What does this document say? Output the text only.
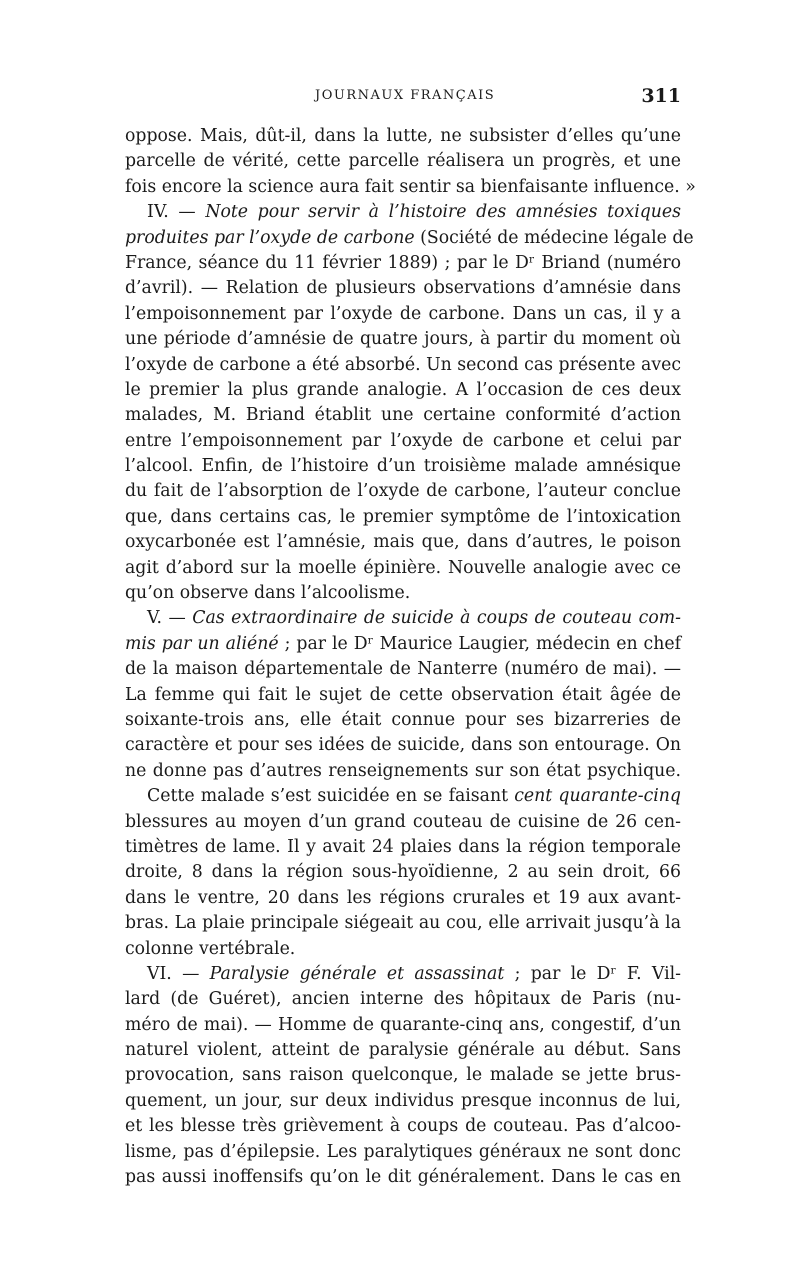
JOURNAUX FRANÇAIS	311
oppose. Mais, dût-il, dans la lutte, ne subsister d’elles qu’une
parcelle de vérité, cette parcelle réalisera un progrès, et une
fois encore la science aura fait sentir sa bienfaisante influence. »
IV. — Note pour servir à l’histoire des amnésies toxiques
produites par l’oxyde de carbone (Société de médecine légale de
France, séance du 11 février 1889) ; par le Dʳ Briand (numéro
d’avril). — Relation de plusieurs observations d’amnésie dans
l’empoisonnement par l’oxyde de carbone. Dans un cas, il y a
une période d’amnésie de quatre jours, à partir du moment où
l’oxyde de carbone a été absorbé. Un second cas présente avec
le premier la plus grande analogie. A l’occasion de ces deux
malades, M. Briand établit une certaine conformité d’action
entre l’empoisonnement par l’oxyde de carbone et celui par
l’alcool. Enfin, de l’histoire d’un troisième malade amnésique
du fait de l’absorption de l’oxyde de carbone, l’auteur conclue
que, dans certains cas, le premier symptôme de l’intoxication
oxycarbonée est l’amnésie, mais que, dans d’autres, le poison
agit d’abord sur la moelle épinière. Nouvelle analogie avec ce
qu’on observe dans l’alcoolisme.
V. — Cas extraordinaire de suicide à coups de couteau com-
mis par un aliéné ; par le Dʳ Maurice Laugier, médecin en chef
de la maison départementale de Nanterre (numéro de mai). —
La femme qui fait le sujet de cette observation était âgée de
soixante-trois ans, elle était connue pour ses bizarreries de
caractère et pour ses idées de suicide, dans son entourage. On
ne donne pas d’autres renseignements sur son état psychique.
Cette malade s’est suicidée en se faisant cent quarante-cinq
blessures au moyen d’un grand couteau de cuisine de 26 cen-
timètres de lame. Il y avait 24 plaies dans la région temporale
droite, 8 dans la région sous-hyoïdienne, 2 au sein droit, 66
dans le ventre, 20 dans les régions crurales et 19 aux avant-
bras. La plaie principale siégeait au cou, elle arrivait jusqu’à la
colonne vertébrale.
VI. — Paralysie générale et assassinat ; par le Dʳ F. Vil-
lard (de Guéret), ancien interne des hôpitaux de Paris (nu-
méro de mai). — Homme de quarante-cinq ans, congestif, d’un
naturel violent, atteint de paralysie générale au début. Sans
provocation, sans raison quelconque, le malade se jette brus-
quement, un jour, sur deux individus presque inconnus de lui,
et les blesse très grièvement à coups de couteau. Pas d’alcoo-
lisme, pas d’épilepsie. Les paralytiques généraux ne sont donc
pas aussi inoffensifs qu’on le dit généralement. Dans le cas en
